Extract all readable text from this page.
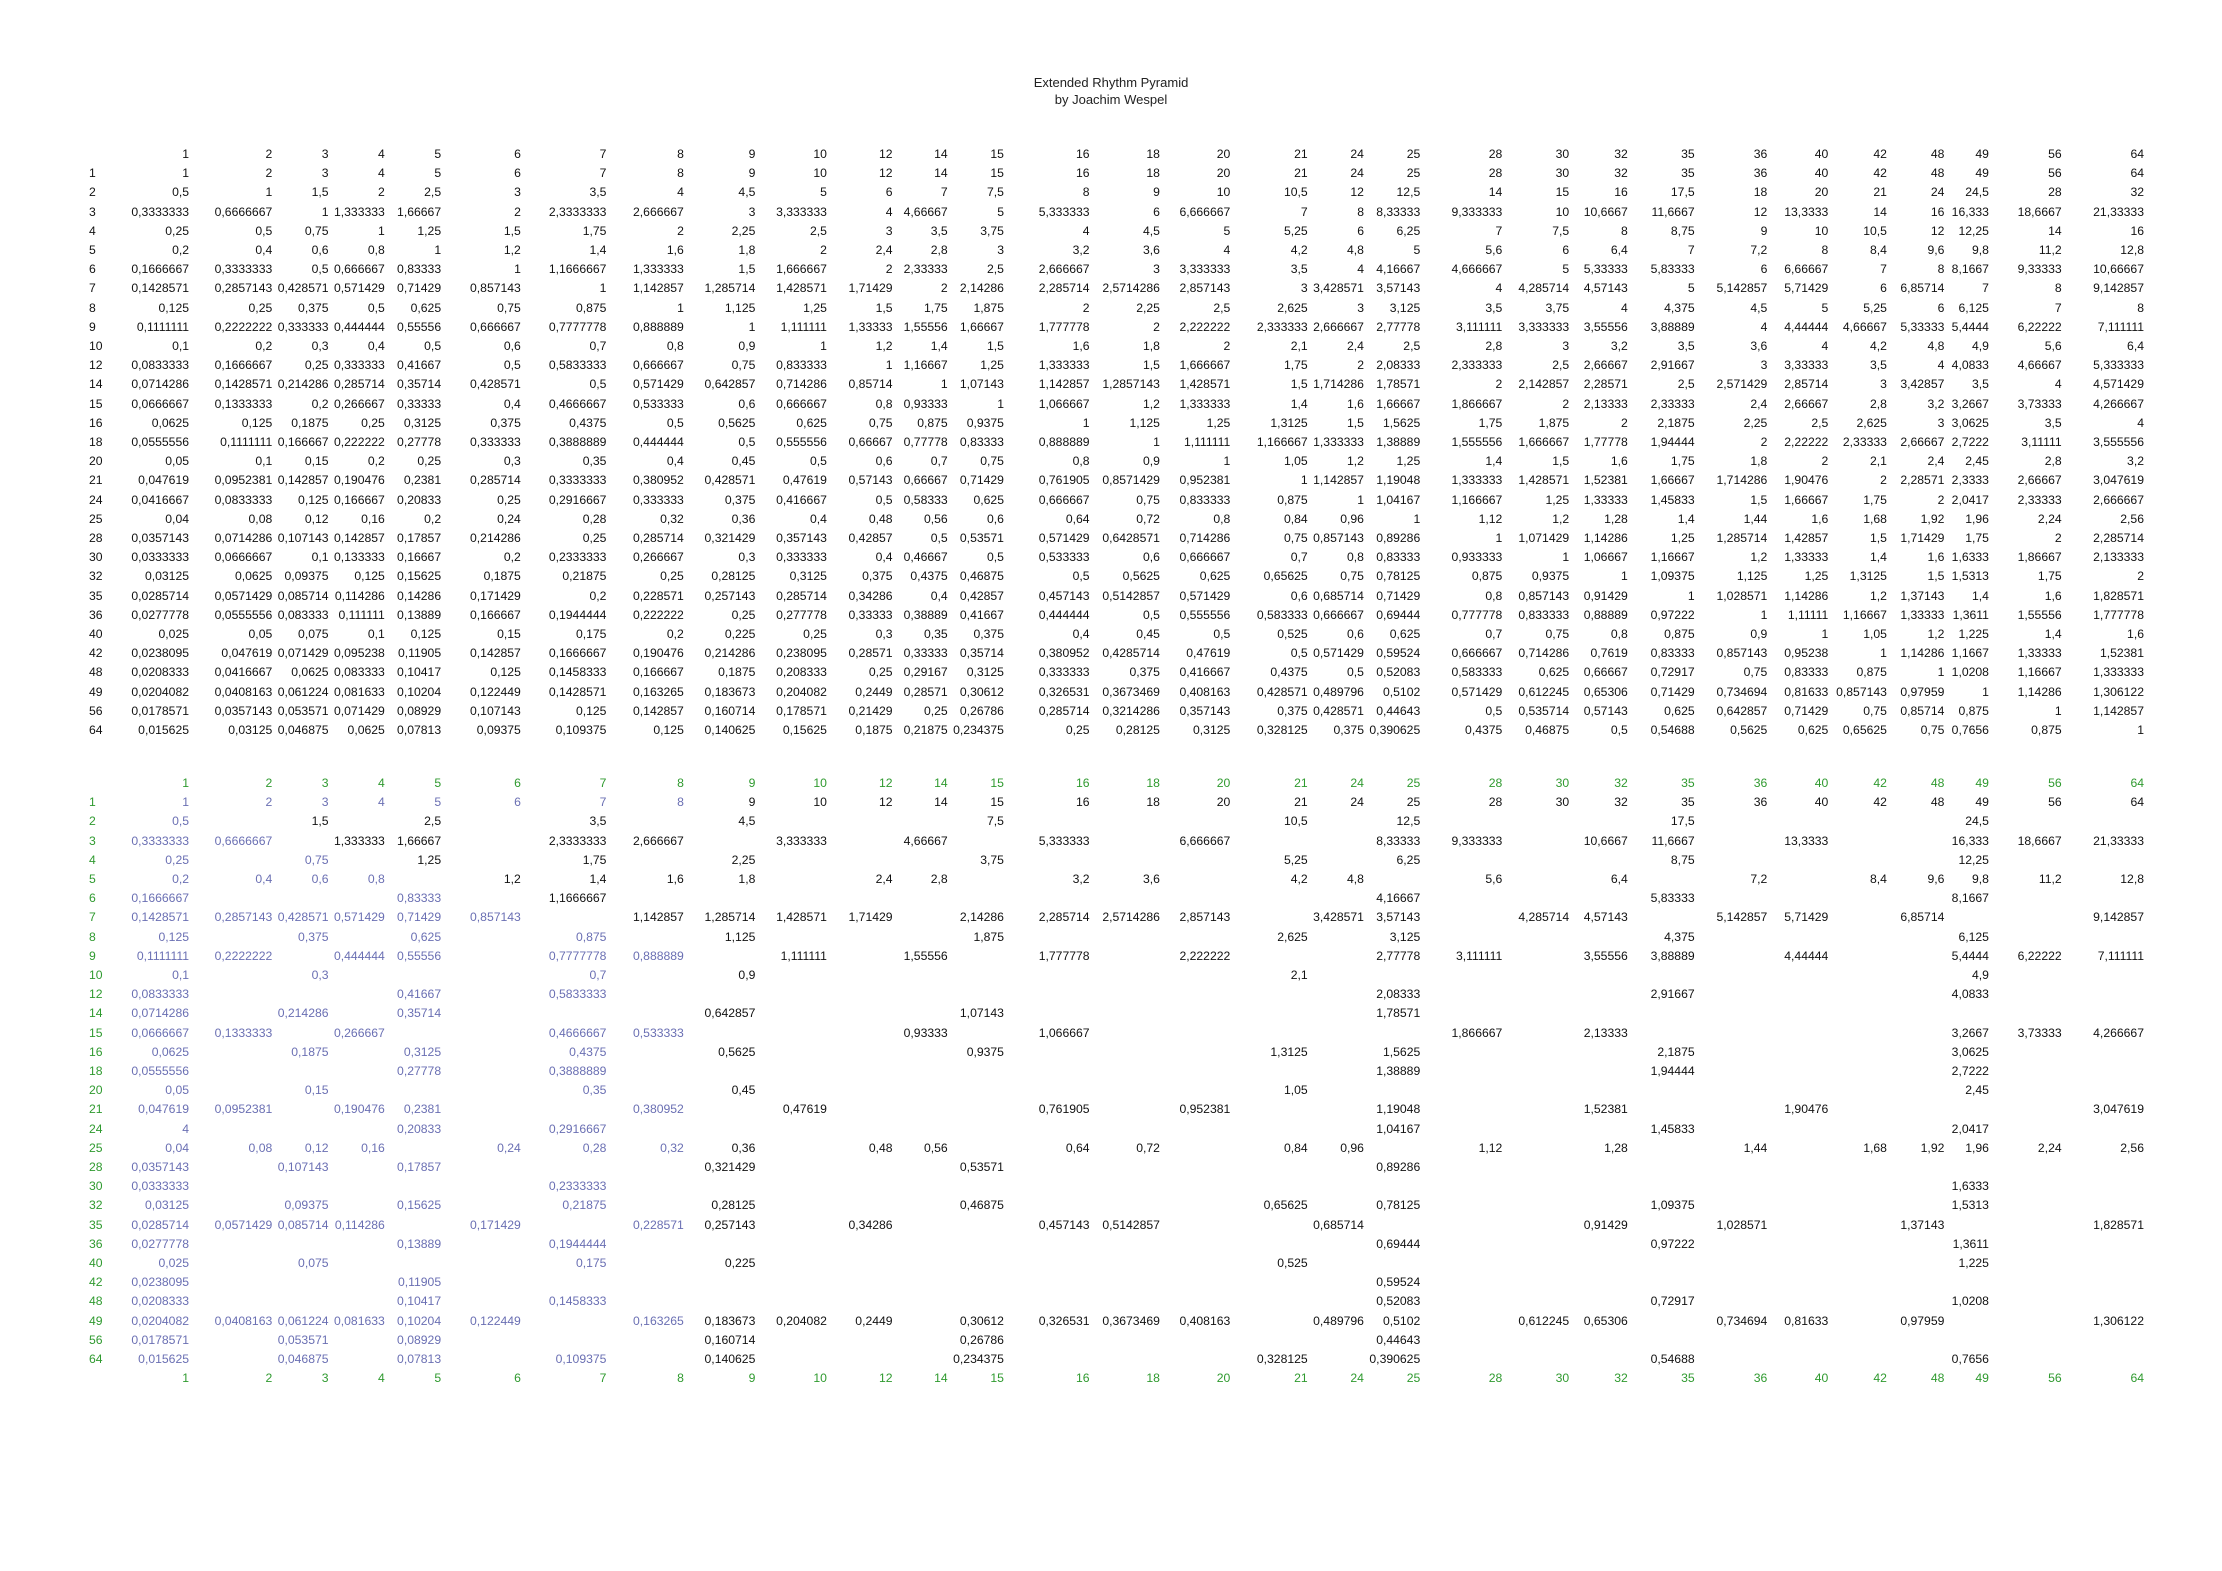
Extended Rhythm Pyramid
by Joachim Wespel
	1	2	3	4	5	6	7	8	9	10	12	14	15	16	18	20	21	24	25	28	30	32	35	36	40	42	48	49	56	64
1	1	2	3	4	5	6	7	8	9	10	12	14	15	16	18	20	21	24	25	28	30	32	35	36	40	42	48	49	56	64
2	0,5	1	1,5	2	2,5	3	3,5	4	4,5	5	6	7	7,5	8	9	10	10,5	12	12,5	14	15	16	17,5	18	20	21	24	24,5	28	32
3	0,3333333	0,6666667	1	1,333333	1,66667	2	2,3333333	2,666667	3	3,333333	4	4,66667	5	5,333333	6	6,666667	7	8	8,33333	9,333333	10	10,6667	11,6667	12	13,3333	14	16	16,333	18,6667	21,33333
4	0,25	0,5	0,75	1	1,25	1,5	1,75	2	2,25	2,5	3	3,5	3,75	4	4,5	5	5,25	6	6,25	7	7,5	8	8,75	9	10	10,5	12	12,25	14	16
5	0,2	0,4	0,6	0,8	1	1,2	1,4	1,6	1,8	2	2,4	2,8	3	3,2	3,6	4	4,2	4,8	5	5,6	6	6,4	7	7,2	8	8,4	9,6	9,8	11,2	12,8
6	0,1666667	0,3333333	0,5	0,666667	0,83333	1	1,1666667	1,333333	1,5	1,666667	2	2,33333	2,5	2,666667	3	3,333333	3,5	4	4,16667	4,666667	5	5,33333	5,83333	6	6,66667	7	8	8,1667	9,33333	10,66667
7	0,1428571	0,2857143	0,428571	0,571429	0,71429	0,857143	1	1,142857	1,285714	1,428571	1,71429	2	2,14286	2,285714	2,5714286	2,857143	3	3,428571	3,57143	4	4,285714	4,57143	5	5,142857	5,71429	6	6,85714	7	8	9,142857
8	0,125	0,25	0,375	0,5	0,625	0,75	0,875	1	1,125	1,25	1,5	1,75	1,875	2	2,25	2,5	2,625	3	3,125	3,5	3,75	4	4,375	4,5	5	5,25	6	6,125	7	8
9	0,1111111	0,2222222	0,333333	0,444444	0,55556	0,666667	0,7777778	0,888889	1	1,111111	1,33333	1,55556	1,66667	1,777778	2	2,222222	2,333333	2,666667	2,77778	3,111111	3,333333	3,55556	3,88889	4	4,44444	4,66667	5,33333	5,4444	6,22222	7,111111
10	0,1	0,2	0,3	0,4	0,5	0,6	0,7	0,8	0,9	1	1,2	1,4	1,5	1,6	1,8	2	2,1	2,4	2,5	2,8	3	3,2	3,5	3,6	4	4,2	4,8	4,9	5,6	6,4
12	0,0833333	0,1666667	0,25	0,333333	0,41667	0,5	0,5833333	0,666667	0,75	0,833333	1	1,16667	1,25	1,333333	1,5	1,666667	1,75	2	2,08333	2,333333	2,5	2,66667	2,91667	3	3,33333	3,5	4	4,0833	4,66667	5,333333
14	0,0714286	0,1428571	0,214286	0,285714	0,35714	0,428571	0,5	0,571429	0,642857	0,714286	0,85714	1	1,07143	1,142857	1,2857143	1,428571	1,5	1,714286	1,78571	2	2,142857	2,28571	2,5	2,571429	2,85714	3	3,42857	3,5	4	4,571429
15	0,0666667	0,1333333	0,2	0,266667	0,33333	0,4	0,4666667	0,533333	0,6	0,666667	0,8	0,93333	1	1,066667	1,2	1,333333	1,4	1,6	1,66667	1,866667	2	2,13333	2,33333	2,4	2,66667	2,8	3,2	3,2667	3,73333	4,266667
16	0,0625	0,125	0,1875	0,25	0,3125	0,375	0,4375	0,5	0,5625	0,625	0,75	0,875	0,9375	1	1,125	1,25	1,3125	1,5	1,5625	1,75	1,875	2	2,1875	2,25	2,5	2,625	3	3,0625	3,5	4
18	0,0555556	0,1111111	0,166667	0,222222	0,27778	0,333333	0,3888889	0,444444	0,5	0,555556	0,66667	0,77778	0,83333	0,888889	1	1,111111	1,166667	1,333333	1,38889	1,555556	1,666667	1,77778	1,94444	2	2,22222	2,33333	2,66667	2,7222	3,11111	3,555556
20	0,05	0,1	0,15	0,2	0,25	0,3	0,35	0,4	0,45	0,5	0,6	0,7	0,75	0,8	0,9	1	1,05	1,2	1,25	1,4	1,5	1,6	1,75	1,8	2	2,1	2,4	2,45	2,8	3,2
21	0,047619	0,0952381	0,142857	0,190476	0,2381	0,285714	0,3333333	0,380952	0,428571	0,47619	0,57143	0,66667	0,71429	0,761905	0,8571429	0,952381	1	1,142857	1,19048	1,333333	1,428571	1,52381	1,66667	1,714286	1,90476	2	2,28571	2,3333	2,66667	3,047619
24	0,0416667	0,0833333	0,125	0,166667	0,20833	0,25	0,2916667	0,333333	0,375	0,416667	0,5	0,58333	0,625	0,666667	0,75	0,833333	0,875	1	1,04167	1,166667	1,25	1,33333	1,45833	1,5	1,66667	1,75	2	2,0417	2,33333	2,666667
25	0,04	0,08	0,12	0,16	0,2	0,24	0,28	0,32	0,36	0,4	0,48	0,56	0,6	0,64	0,72	0,8	0,84	0,96	1	1,12	1,2	1,28	1,4	1,44	1,6	1,68	1,92	1,96	2,24	2,56
28	0,0357143	0,0714286	0,107143	0,142857	0,17857	0,214286	0,25	0,285714	0,321429	0,357143	0,42857	0,5	0,53571	0,571429	0,6428571	0,714286	0,75	0,857143	0,89286	1	1,071429	1,14286	1,25	1,285714	1,42857	1,5	1,71429	1,75	2	2,285714
30	0,0333333	0,0666667	0,1	0,133333	0,16667	0,2	0,2333333	0,266667	0,3	0,333333	0,4	0,46667	0,5	0,533333	0,6	0,666667	0,7	0,8	0,83333	0,933333	1	1,06667	1,16667	1,2	1,33333	1,4	1,6	1,6333	1,86667	2,133333
32	0,03125	0,0625	0,09375	0,125	0,15625	0,1875	0,21875	0,25	0,28125	0,3125	0,375	0,4375	0,46875	0,5	0,5625	0,625	0,65625	0,75	0,78125	0,875	0,9375	1	1,09375	1,125	1,25	1,3125	1,5	1,5313	1,75	2
35	0,0285714	0,0571429	0,085714	0,114286	0,14286	0,171429	0,2	0,228571	0,257143	0,285714	0,34286	0,4	0,42857	0,457143	0,5142857	0,571429	0,6	0,685714	0,71429	0,8	0,857143	0,91429	1	1,028571	1,14286	1,2	1,37143	1,4	1,6	1,828571
36	0,0277778	0,0555556	0,083333	0,111111	0,13889	0,166667	0,1944444	0,222222	0,25	0,277778	0,33333	0,38889	0,41667	0,444444	0,5	0,555556	0,583333	0,666667	0,69444	0,777778	0,833333	0,88889	0,97222	1	1,11111	1,16667	1,33333	1,3611	1,55556	1,777778
40	0,025	0,05	0,075	0,1	0,125	0,15	0,175	0,2	0,225	0,25	0,3	0,35	0,375	0,4	0,45	0,5	0,525	0,6	0,625	0,7	0,75	0,8	0,875	0,9	1	1,05	1,2	1,225	1,4	1,6
42	0,0238095	0,047619	0,071429	0,095238	0,11905	0,142857	0,1666667	0,190476	0,214286	0,238095	0,28571	0,33333	0,35714	0,380952	0,4285714	0,47619	0,5	0,571429	0,59524	0,666667	0,714286	0,7619	0,83333	0,857143	0,95238	1	1,14286	1,1667	1,33333	1,52381
48	0,0208333	0,0416667	0,0625	0,083333	0,10417	0,125	0,1458333	0,166667	0,1875	0,208333	0,25	0,29167	0,3125	0,333333	0,375	0,416667	0,4375	0,5	0,52083	0,583333	0,625	0,66667	0,72917	0,75	0,83333	0,875	1	1,0208	1,16667	1,333333
49	0,0204082	0,0408163	0,061224	0,081633	0,10204	0,122449	0,1428571	0,163265	0,183673	0,204082	0,2449	0,28571	0,30612	0,326531	0,3673469	0,408163	0,428571	0,489796	0,5102	0,571429	0,612245	0,65306	0,71429	0,734694	0,81633	0,857143	0,97959	1	1,14286	1,306122
56	0,0178571	0,0357143	0,053571	0,071429	0,08929	0,107143	0,125	0,142857	0,160714	0,178571	0,21429	0,25	0,26786	0,285714	0,3214286	0,357143	0,375	0,428571	0,44643	0,5	0,535714	0,57143	0,625	0,642857	0,71429	0,75	0,85714	0,875	1	1,142857
64	0,015625	0,03125	0,046875	0,0625	0,07813	0,09375	0,109375	0,125	0,140625	0,15625	0,1875	0,21875	0,234375	0,25	0,28125	0,3125	0,328125	0,375	0,390625	0,4375	0,46875	0,5	0,54688	0,5625	0,625	0,65625	0,75	0,7656	0,875	1
	1	2	3	4	5	6	7	8	9	10	12	14	15	16	18	20	21	24	25	28	30	32	35	36	40	42	48	49	56	64
1	1	2	3	4	5	6	7	8	9	10	12	14	15	16	18	20	21	24	25	28	30	32	35	36	40	42	48	49	56	64
2	0,5		1,5		2,5		3,5		4,5				7,5				10,5		12,5				17,5					24,5		
3	0,3333333	0,6666667		1,333333	1,66667		2,3333333	2,666667		3,333333		4,66667		5,333333		6,666667			8,33333	9,333333		10,6667	11,6667		13,3333			16,333	18,6667	21,33333
4	0,25		0,75		1,25		1,75		2,25				3,75				5,25		6,25				8,75					12,25		
5	0,2	0,4	0,6	0,8		1,2	1,4	1,6	1,8		2,4	2,8		3,2	3,6		4,2	4,8		5,6		6,4		7,2		8,4	9,6	9,8	11,2	12,8
6	0,1666667				0,83333		1,1666667												4,16667				5,83333					8,1667		
7	0,1428571	0,2857143	0,428571	0,571429	0,71429	0,857143		1,142857	1,285714	1,428571	1,71429		2,14286	2,285714	2,5714286	2,857143		3,428571	3,57143		4,285714	4,57143		5,142857	5,71429		6,85714			9,142857
8	0,125		0,375		0,625		0,875		1,125				1,875				2,625		3,125				4,375					6,125		
9	0,1111111	0,2222222		0,444444	0,55556		0,7777778	0,888889		1,111111		1,55556		1,777778		2,222222			2,77778	3,111111		3,55556	3,88889		4,44444			5,4444	6,22222	7,111111
10	0,1		0,3				0,7		0,9								2,1											4,9		
12	0,0833333				0,41667		0,5833333												2,08333				2,91667					4,0833		
14	0,0714286		0,214286		0,35714				0,642857				1,07143						1,78571											
15	0,0666667	0,1333333		0,266667			0,4666667	0,533333				0,93333		1,066667						1,866667		2,13333						3,2667	3,73333	4,266667
16	0,0625		0,1875		0,3125		0,4375		0,5625				0,9375				1,3125		1,5625				2,1875					3,0625		
18	0,0555556				0,27778		0,3888889												1,38889				1,94444					2,7222		
20	0,05		0,15				0,35		0,45								1,05											2,45		
21	0,047619	0,0952381		0,190476	0,2381			0,380952		0,47619				0,761905		0,952381			1,19048			1,52381			1,90476					3,047619
24	4				0,20833		0,2916667												1,04167				1,45833					2,0417		
25	0,04	0,08	0,12	0,16		0,24	0,28	0,32	0,36		0,48	0,56		0,64	0,72		0,84	0,96		1,12		1,28		1,44		1,68	1,92	1,96	2,24	2,56
28	0,0357143		0,107143		0,17857				0,321429				0,53571						0,89286											
30	0,0333333						0,2333333																					1,6333		
32	0,03125		0,09375		0,15625		0,21875		0,28125				0,46875				0,65625		0,78125				1,09375					1,5313		
35	0,0285714	0,0571429	0,085714	0,114286		0,171429		0,228571	0,257143		0,34286			0,457143	0,5142857			0,685714				0,91429		1,028571			1,37143			1,828571
36	0,0277778				0,13889		0,1944444												0,69444				0,97222					1,3611		
40	0,025		0,075				0,175		0,225								0,525											1,225		
42	0,0238095				0,11905														0,59524											
48	0,0208333				0,10417		0,1458333												0,52083				0,72917					1,0208		
49	0,0204082	0,0408163	0,061224	0,081633	0,10204	0,122449		0,163265	0,183673	0,204082	0,2449		0,30612	0,326531	0,3673469	0,408163		0,489796	0,5102		0,612245	0,65306		0,734694	0,81633		0,97959			1,306122
56	0,0178571		0,053571		0,08929				0,160714				0,26786						0,44643											
64	0,015625		0,046875		0,07813		0,109375		0,140625				0,234375				0,328125		0,390625				0,54688					0,7656		
	1	2	3	4	5	6	7	8	9	10	12	14	15	16	18	20	21	24	25	28	30	32	35	36	40	42	48	49	56	64
